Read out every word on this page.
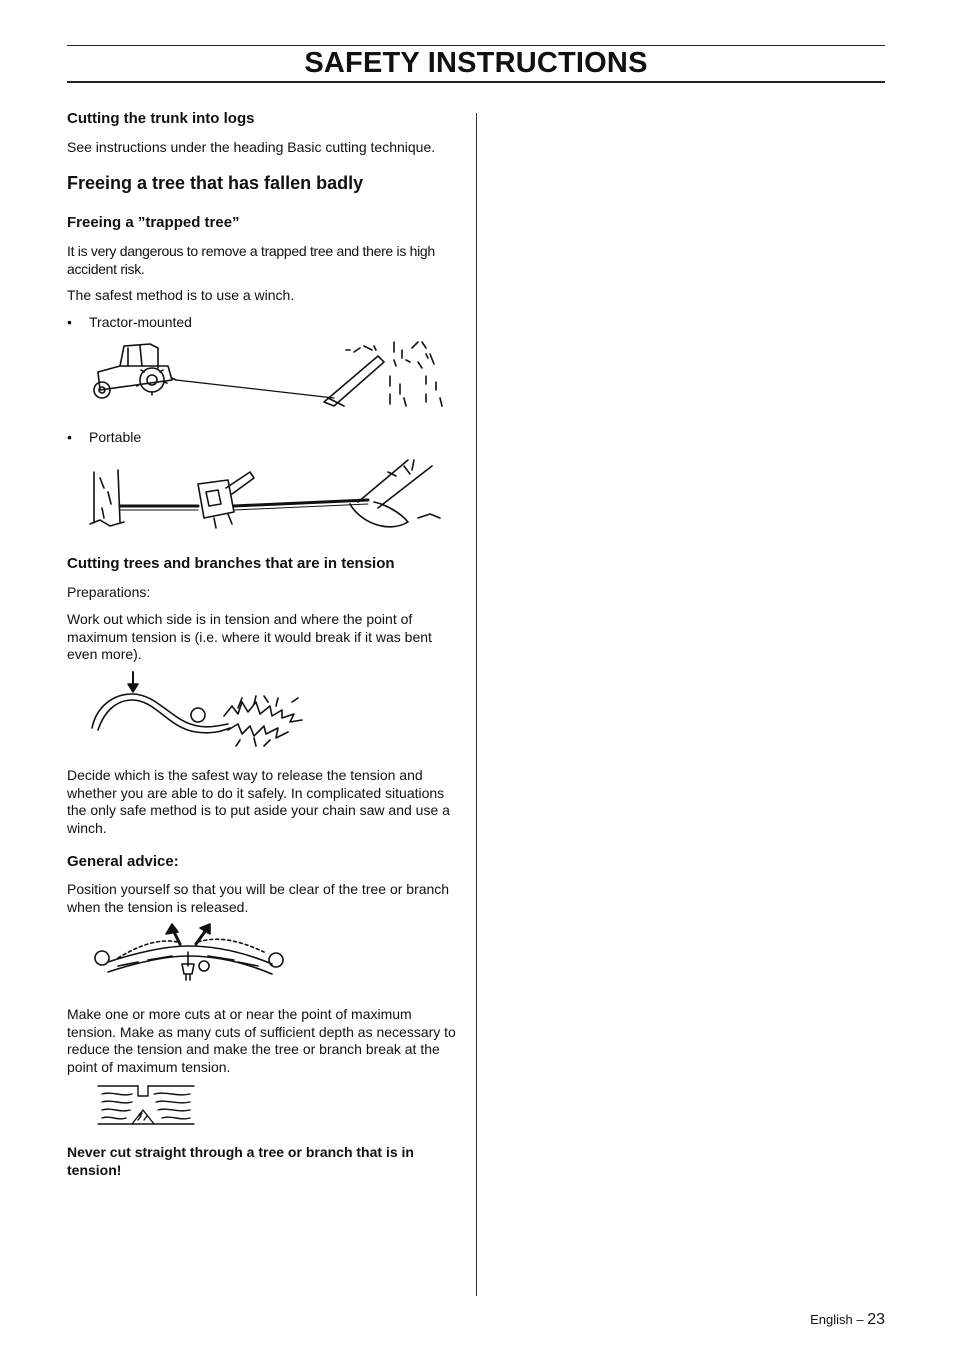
SAFETY INSTRUCTIONS
Cutting the trunk into logs
See instructions under the heading Basic cutting technique.
Freeing a tree that has fallen badly
Freeing a ”trapped tree”
It is very dangerous to remove a trapped tree and there is high accident risk.
The safest method is to use a winch.
• Tractor-mounted
• Portable
Cutting trees and branches that are in tension
Preparations:
Work out which side is in tension and where the point of maximum tension is (i.e. where it would break if it was bent even more).
Decide which is the safest way to release the tension and whether you are able to do it safely. In complicated situations the only safe method is to put aside your chain saw and use a winch.
General advice:
Position yourself so that you will be clear of the tree or branch when the tension is released.
Make one or more cuts at or near the point of maximum tension. Make as many cuts of sufficient depth as necessary to reduce the tension and make the tree or branch break at the point of maximum tension.
Never cut straight through a tree or branch that is in tension!
English – 23
